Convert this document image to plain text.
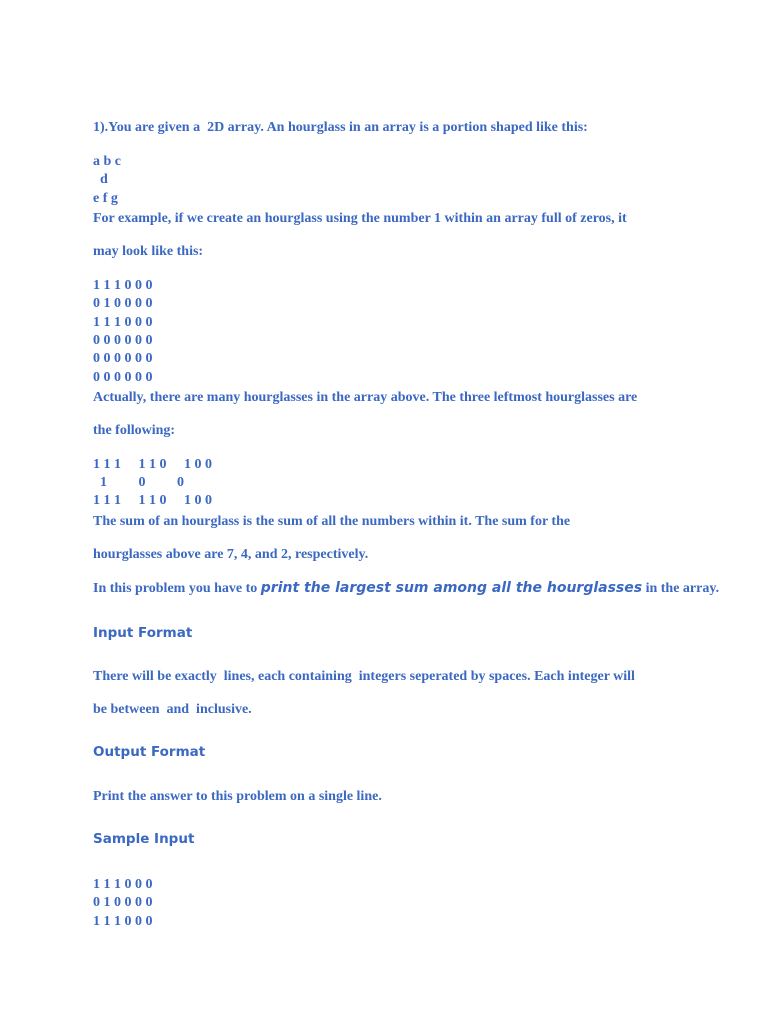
1).You are given a  2D array. An hourglass in an array is a portion shaped like this:

a b c

d

e f g

For example, if we create an hourglass using the number 1 within an array full of zeros, it

may look like this:

1 1 1 0 0 0

0 1 0 0 0 0

1 1 1 0 0 0

0 0 0 0 0 0

0 0 0 0 0 0

0 0 0 0 0 0

Actually, there are many hourglasses in the array above. The three leftmost hourglasses are

the following:

1 1 1     1 1 0     1 0 0

1         0         0

1 1 1     1 1 0     1 0 0

The sum of an hourglass is the sum of all the numbers within it. The sum for the

hourglasses above are 7, 4, and 2, respectively.

In this problem you have to print the largest sum among all the hourglasses in the array.

Input Format

There will be exactly  lines, each containing  integers seperated by spaces. Each integer will

be between  and  inclusive.

Output Format

Print the answer to this problem on a single line.

Sample Input

1 1 1 0 0 0

0 1 0 0 0 0

1 1 1 0 0 0
